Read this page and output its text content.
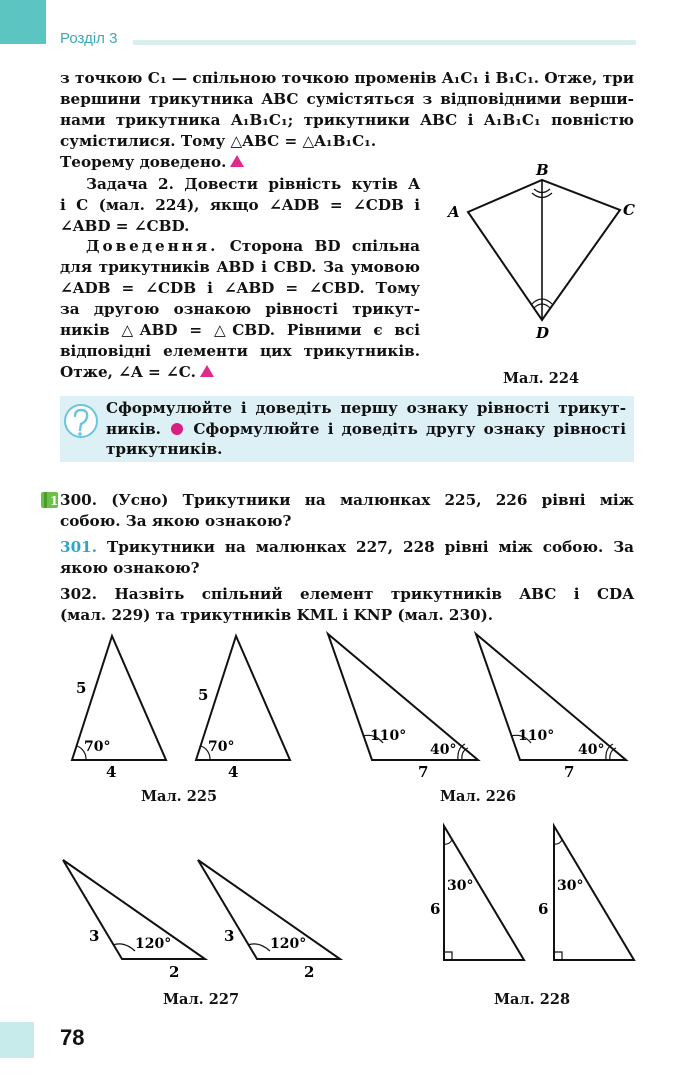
Розділ 3
з точкою C₁ — спільною точкою променів A₁C₁ і B₁C₁. Отже, три
вершини трикутника ABC сумістяться з відповідними верши-
нами трикутника A₁B₁C₁; трикутники ABC і A₁B₁C₁ повністю
сумістилися. Тому △ABC = △A₁B₁C₁.
Теорему доведено.
Задача 2. Довести рівність кутів A
і C (мал. 224), якщо ∠ADB = ∠CDB і
∠ABD = ∠CBD.
Доведення. Сторона BD спільна
для трикутників ABD і CBD. За умовою
∠ADB = ∠CDB і ∠ABD = ∠CBD. Тому
за другою ознакою рівності трикут-
ників △ABD = △CBD. Рівними є всі
відповідні елементи цих трикутників.
Отже, ∠A = ∠C.
B
A	C
D
Мал. 224
Сформулюйте і доведіть першу ознаку рівності трикут-
ників. Сформулюйте і доведіть другу ознаку рівності
трикутників.
1 300. (Усно) Трикутники на малюнках 225, 226 рівні між
собою. За якою ознакою?
301. Трикутники на малюнках 227, 228 рівні між собою. За
якою ознакою?
302. Назвіть спільний елемент трикутників ABC і CDA
(мал. 229) та трикутників KML і KNP (мал. 230).
5
70°
4
5
70°
4
Мал. 225
110°
40°
7
110°
40°
7
Мал. 226
3	120°
2
3	120°
2
Мал. 227
30°
6
30°
6
Мал. 228
78
